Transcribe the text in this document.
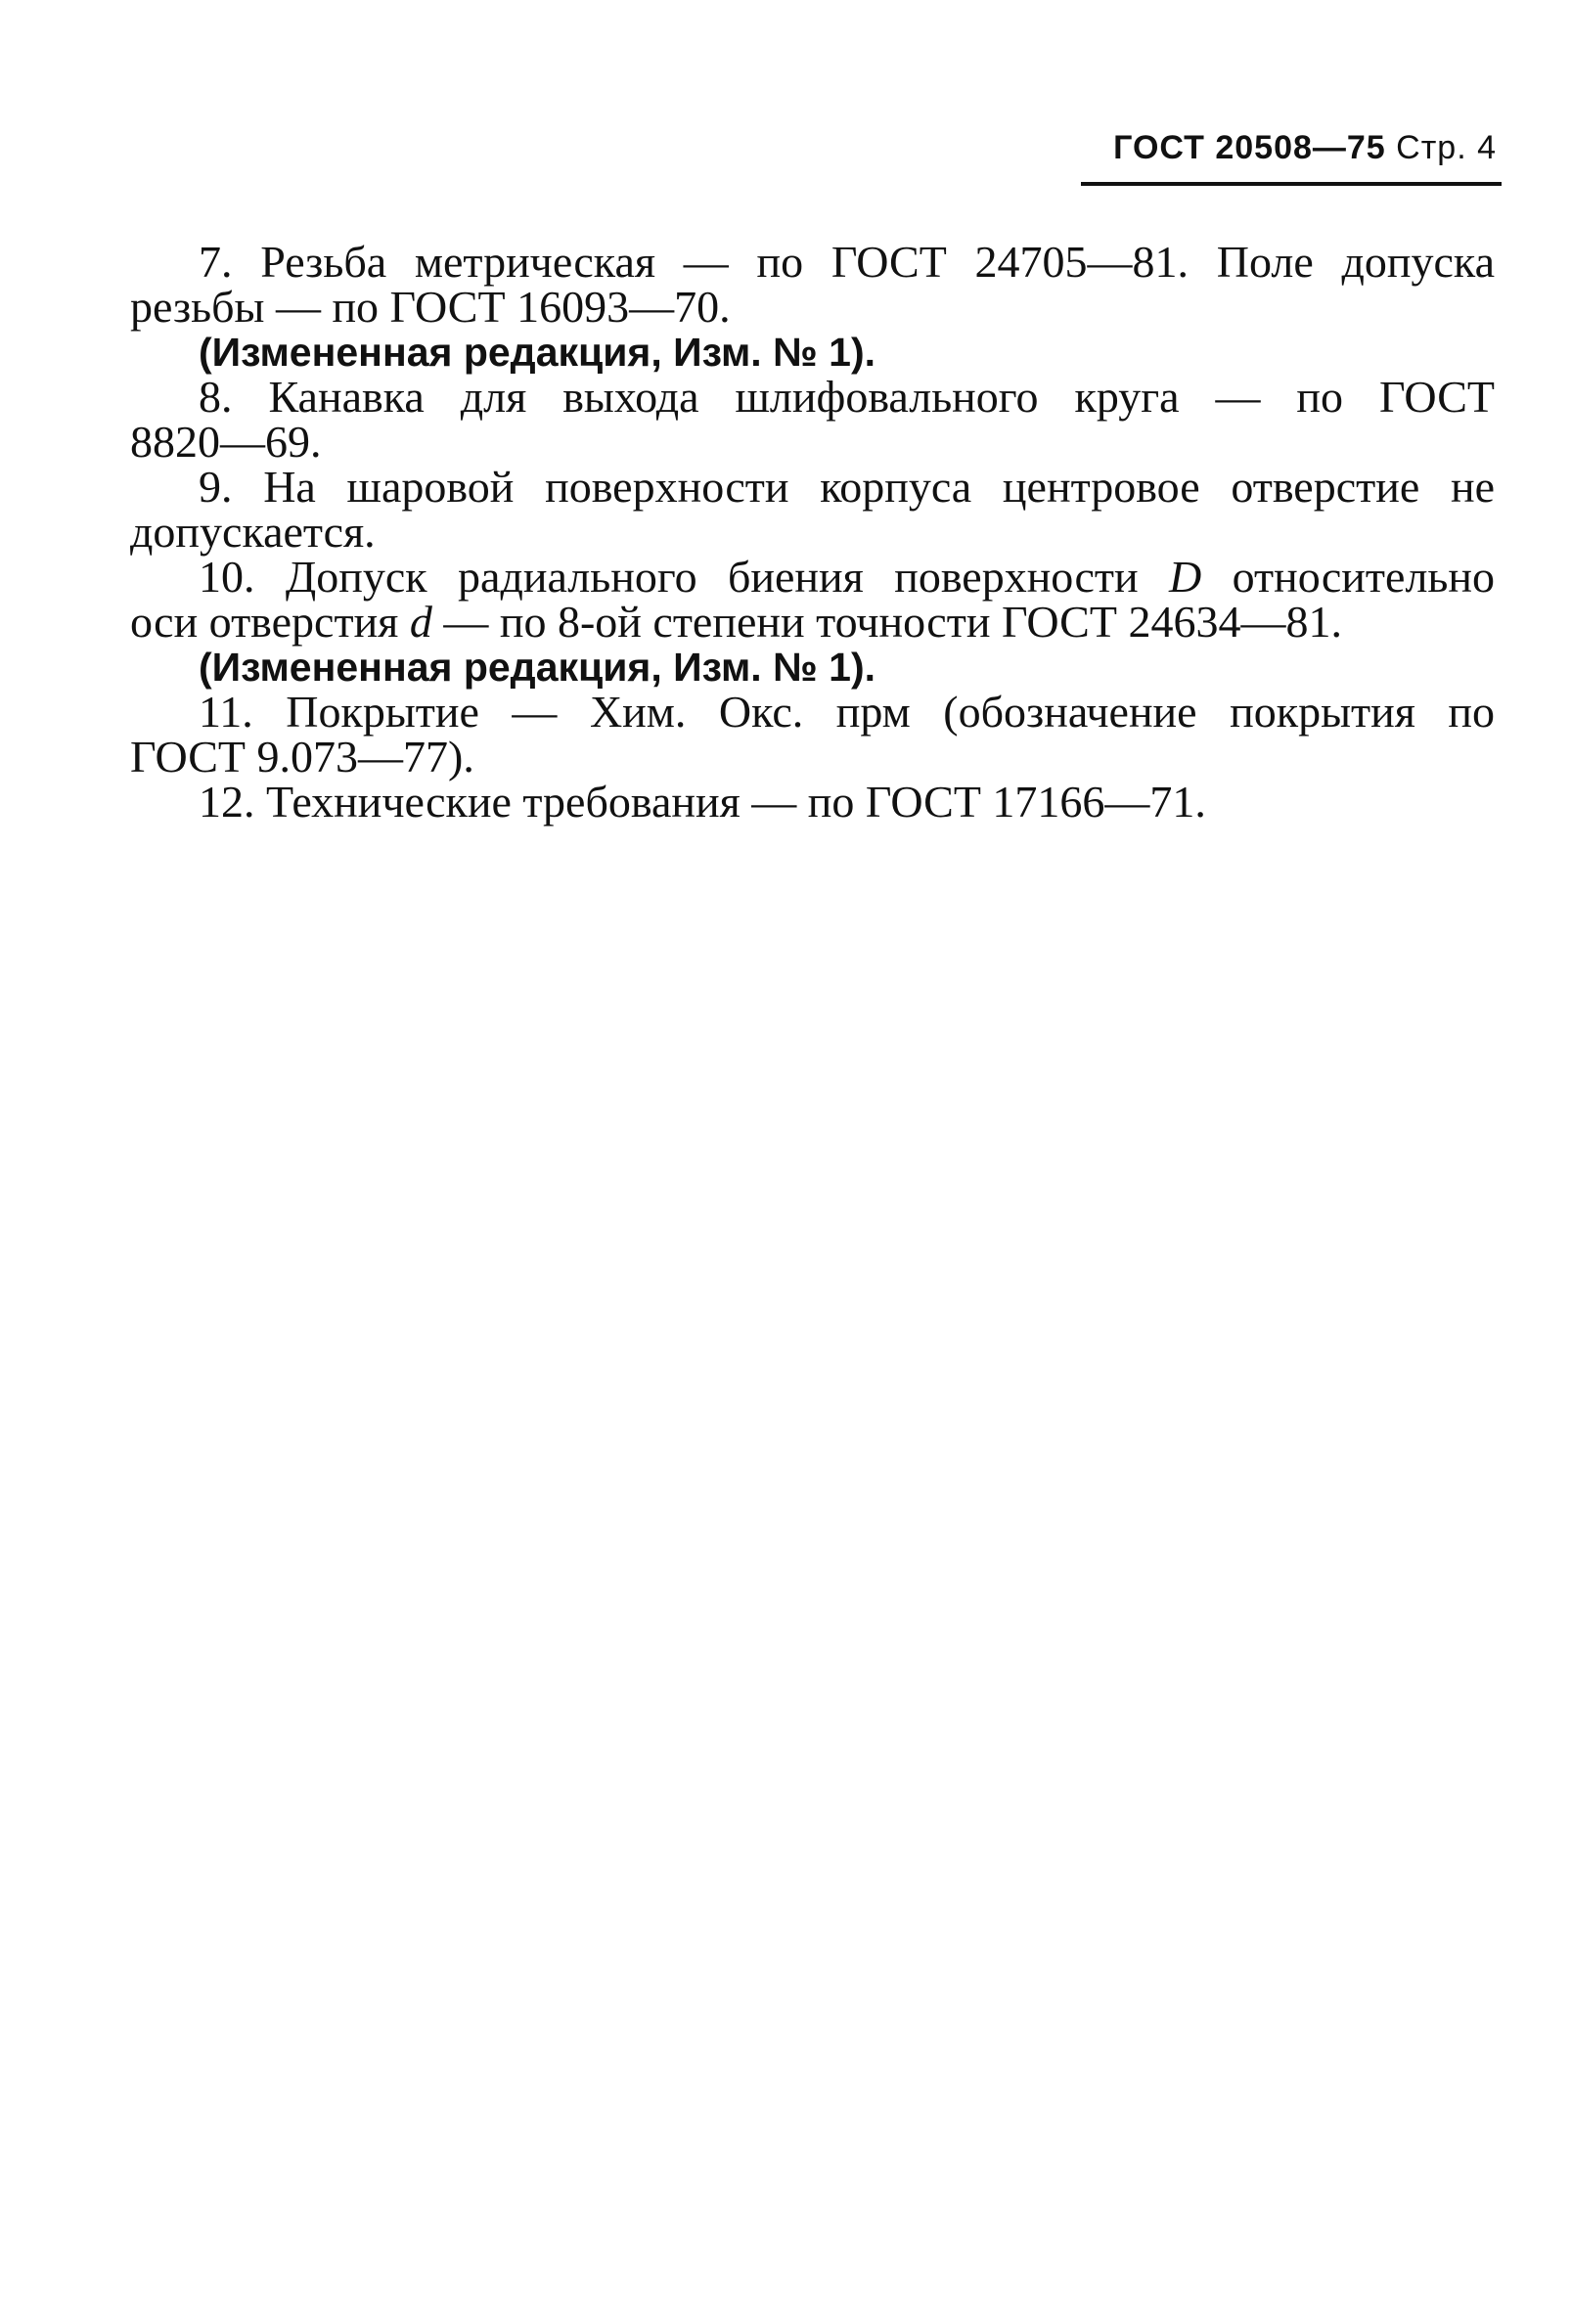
ГОСТ 20508—75 Стр. 4

7. Резьба метрическая — по ГОСТ 24705—81. Поле допуска
резьбы — по ГОСТ 16093—70.

(Измененная редакция, Изм. № 1).

8. Канавка для выхода шлифовального круга — по ГОСТ
8820—69.

9. На шаровой поверхности корпуса центровое отверстие не
допускается.

10. Допуск радиального биения поверхности D относительно
оси отверстия d — по 8-ой степени точности ГОСТ 24634—81.

(Измененная редакция, Изм. № 1).

11. Покрытие — Хим. Окс. прм (обозначение покрытия по
ГОСТ 9.073—77).

12. Технические требования — по ГОСТ 17166—71.
